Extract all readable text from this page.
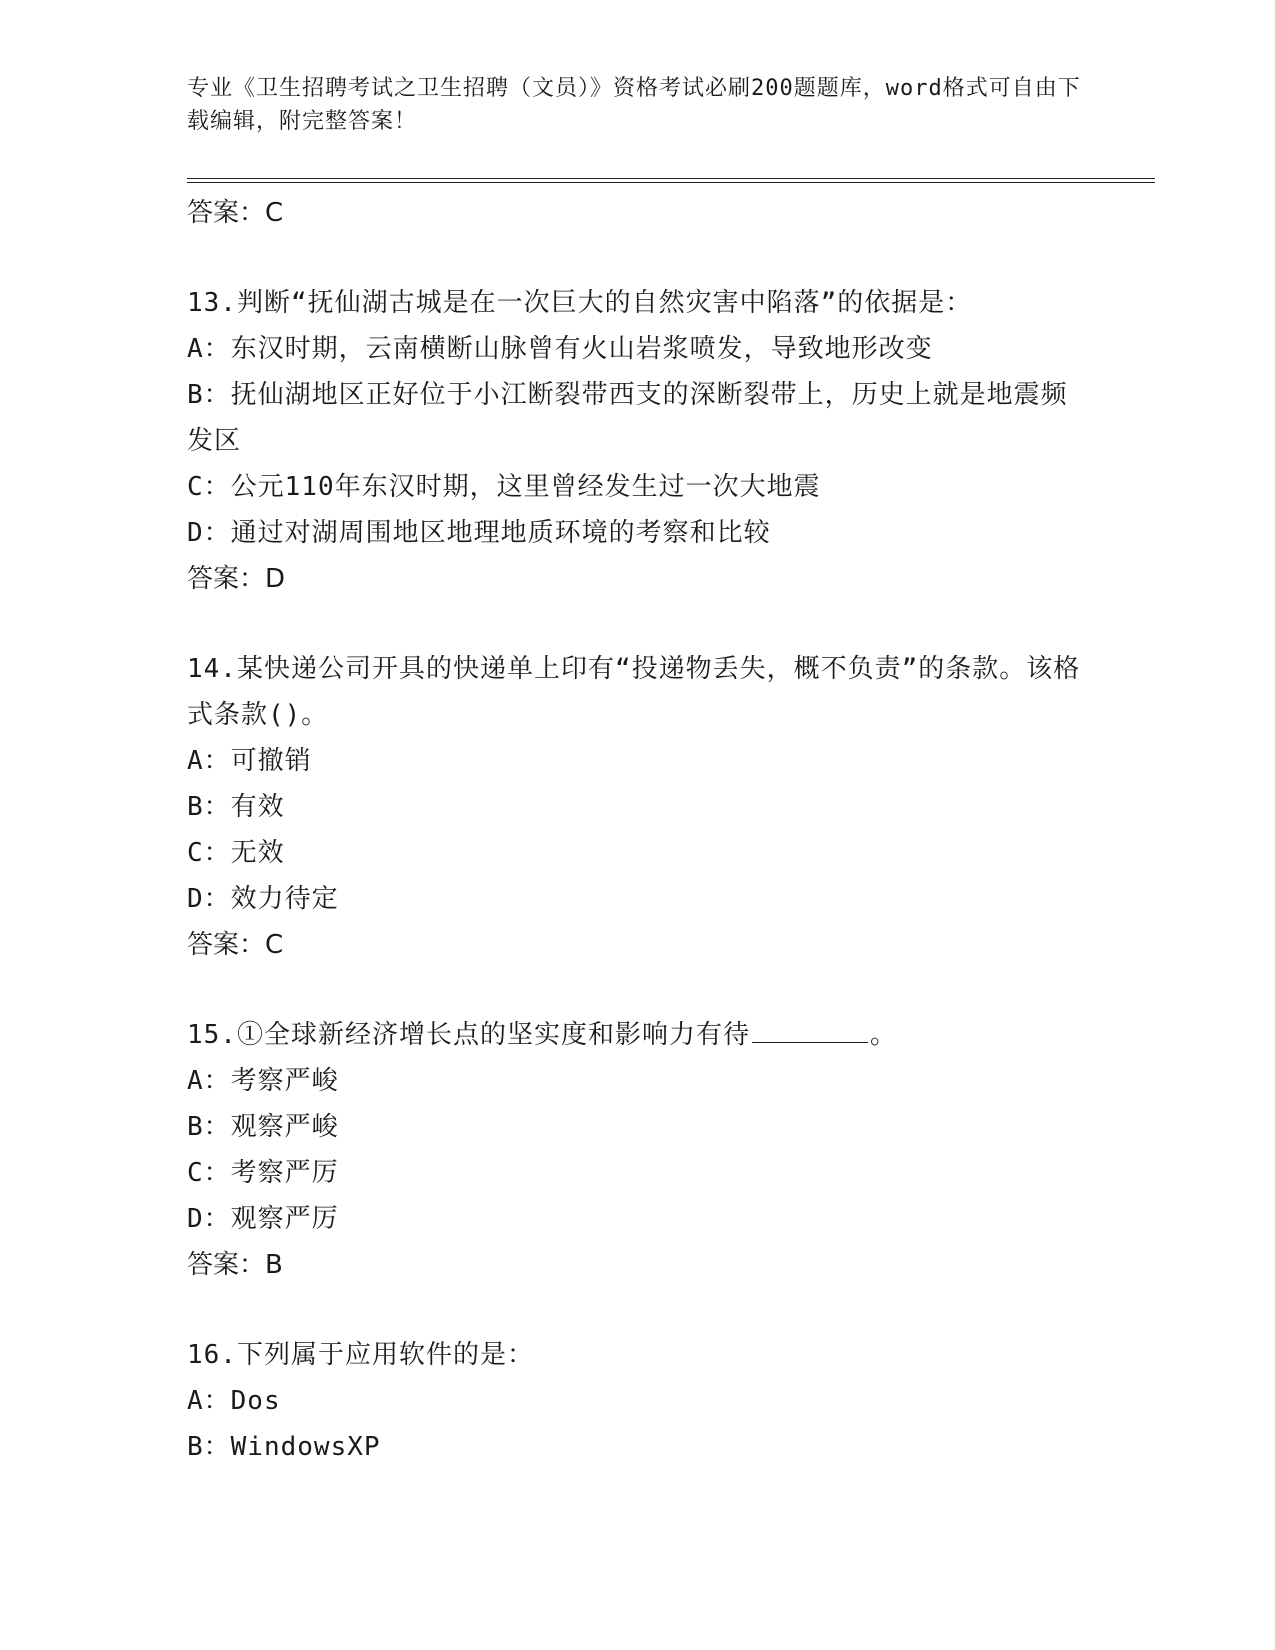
专业《卫生招聘考试之卫生招聘（文员）》资格考试必刷200题题库，word格式可自由下载编辑，附完整答案！

答案：C

13.判断“抚仙湖古城是在一次巨大的自然灾害中陷落”的依据是：

A：东汉时期，云南横断山脉曾有火山岩浆喷发，导致地形改变

B：抚仙湖地区正好位于小江断裂带西支的深断裂带上，历史上就是地震频发区

C：公元110年东汉时期，这里曾经发生过一次大地震

D：通过对湖周围地区地理地质环境的考察和比较

答案：D

14.某快递公司开具的快递单上印有“投递物丢失，概不负责”的条款。该格式条款()。

A：可撤销

B：有效

C：无效

D：效力待定

答案：C

15.①全球新经济增长点的坚实度和影响力有待	。

A：考察严峻

B：观察严峻

C：考察严厉

D：观察严厉

答案：B

16.下列属于应用软件的是：

A：Dos

B：WindowsXP
